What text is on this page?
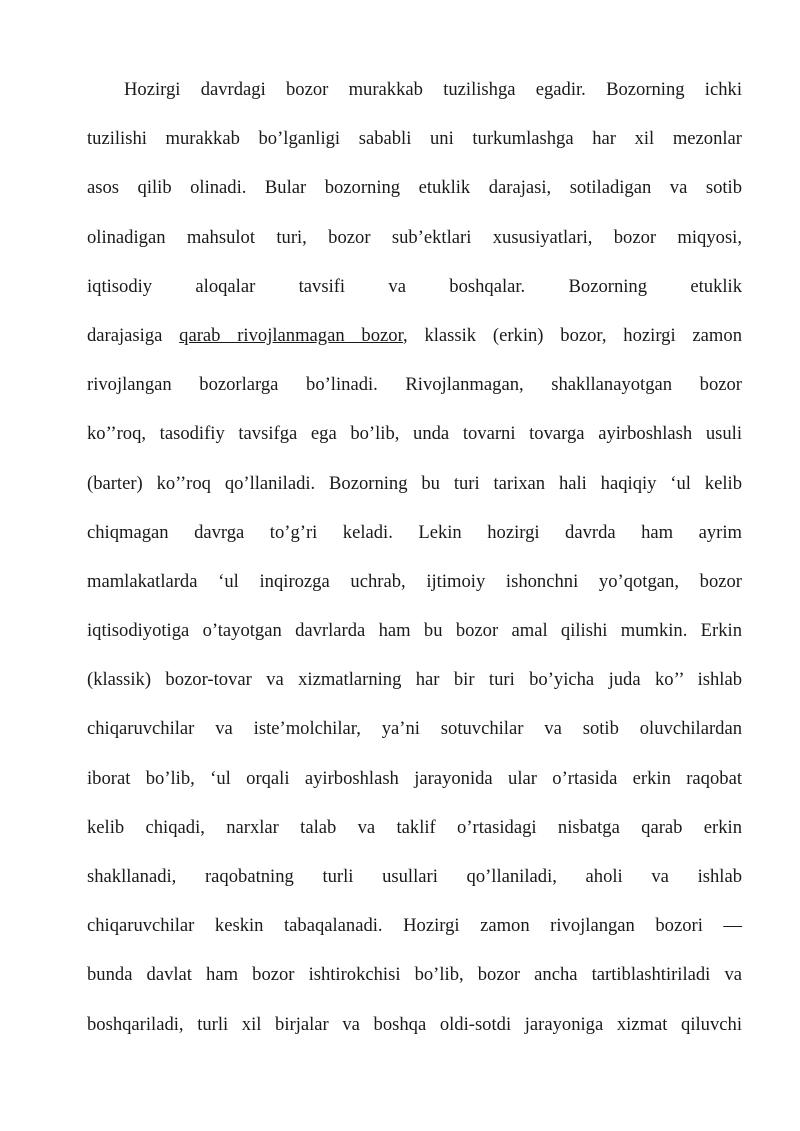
Hozirgi davrdagi bozor murakkab tuzilishga egadir. Bozorning ichki
tuzilishi murakkab bo’lganligi sababli uni turkumlashga har xil mezonlar
asos qilib olinadi. Bular bozorning etuklik darajasi, sotiladigan va sotib
olinadigan mahsulot turi, bozor sub’ektlari xususiyatlari, bozor miqyosi,
iqtisodiy aloqalar tavsifi va boshqalar. Bozorning etuklik
darajasiga qarab rivojlanmagan bozor, klassik (erkin) bozor, hozirgi zamon
rivojlangan bozorlarga bo’linadi. Rivojlanmagan, shakllanayotgan bozor
ko’’roq, tasodifiy tavsifga ega bo’lib, unda tovarni tovarga ayirboshlash usuli
(barter) ko’’roq qo’llaniladi. Bozorning bu turi tarixan hali haqiqiy ‘ul kelib
chiqmagan davrga to’g’ri keladi. Lekin hozirgi davrda ham ayrim
mamlakatlarda ‘ul inqirozga uchrab, ijtimoiy ishonchni yo’qotgan, bozor
iqtisodiyotiga o’tayotgan davrlarda ham bu bozor amal qilishi mumkin. Erkin
(klassik) bozor-tovar va xizmatlarning har bir turi bo’yicha juda ko’’ ishlab
chiqaruvchilar va iste’molchilar, ya’ni sotuvchilar va sotib oluvchilardan
iborat bo’lib, ‘ul orqali ayirboshlash jarayonida ular o’rtasida erkin raqobat
kelib chiqadi, narxlar talab va taklif o’rtasidagi nisbatga qarab erkin
shakllanadi, raqobatning turli usullari qo’llaniladi, aholi va ishlab
chiqaruvchilar keskin tabaqalanadi. Hozirgi zamon rivojlangan bozori —
bunda davlat ham bozor ishtirokchisi bo’lib, bozor ancha tartiblashtiriladi va
boshqariladi, turli xil birjalar va boshqa oldi-sotdi jarayoniga xizmat qiluvchi
